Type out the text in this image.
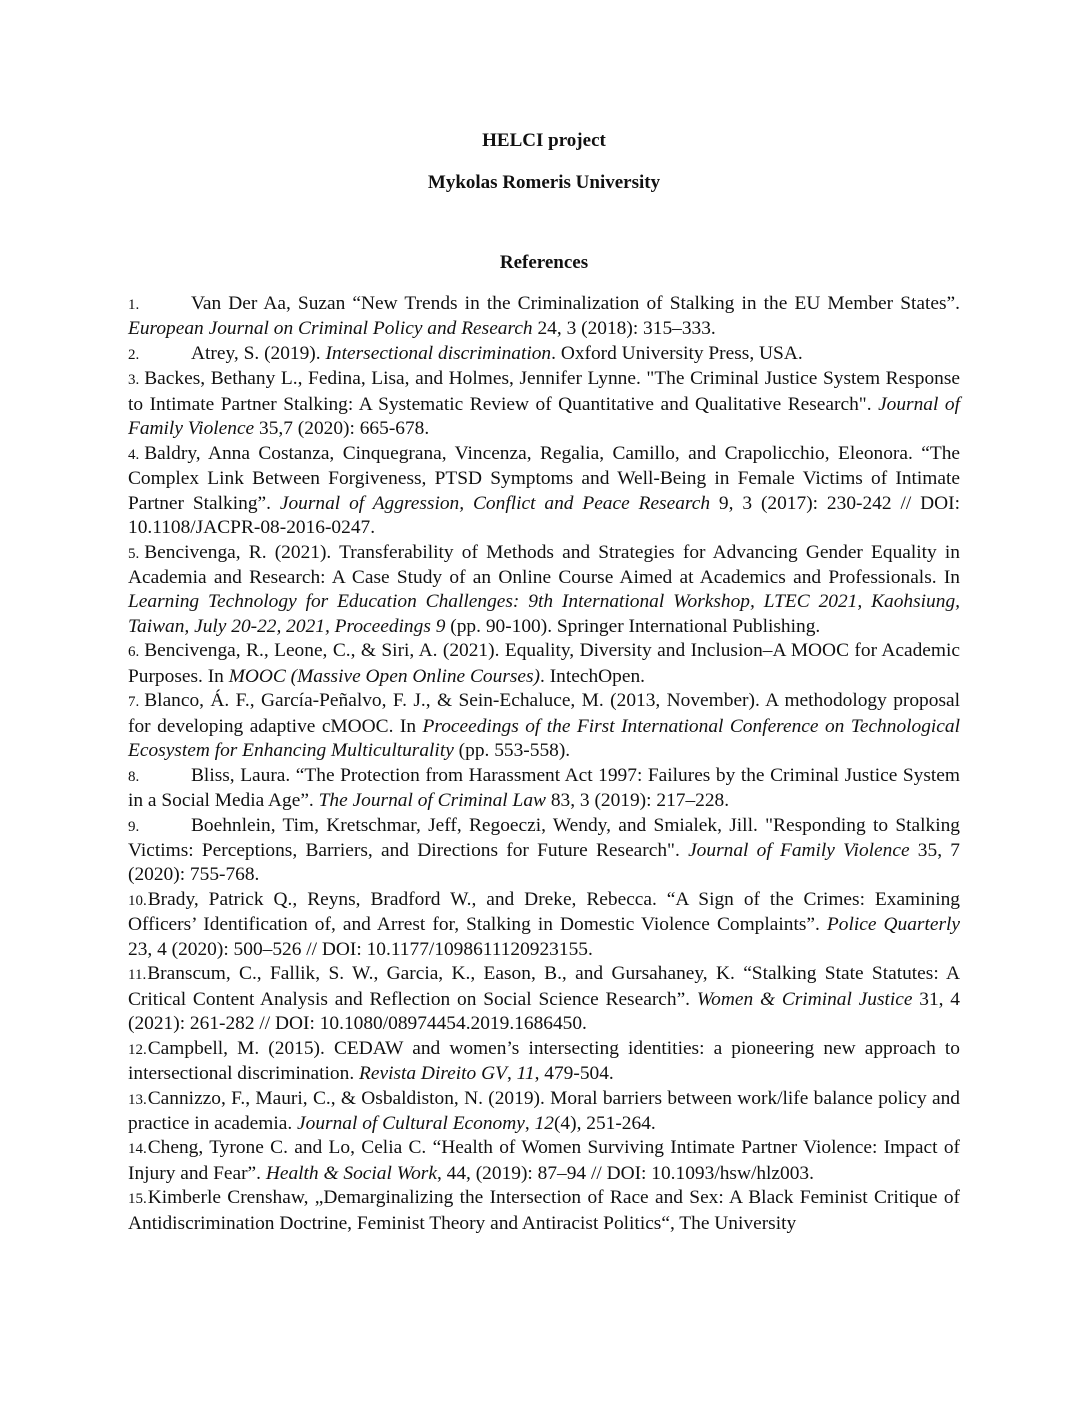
HELCI project
Mykolas Romeris University
References

1.	Van Der Aa, Suzan “New Trends in the Criminalization of Stalking in the EU Member States”. European Journal on Criminal Policy and Research 24, 3 (2018): 315–333.

2.	Atrey, S. (2019). Intersectional discrimination. Oxford University Press, USA.

3. Backes, Bethany L., Fedina, Lisa, and Holmes, Jennifer Lynne. "The Criminal Justice System Response to Intimate Partner Stalking: A Systematic Review of Quantitative and Qualitative Research". Journal of Family Violence 35,7 (2020): 665-678.

4. Baldry, Anna Costanza, Cinquegrana, Vincenza, Regalia, Camillo, and Crapolicchio, Eleonora. “The Complex Link Between Forgiveness, PTSD Symptoms and Well-Being in Female Victims of Intimate Partner Stalking”. Journal of Aggression, Conflict and Peace Research 9, 3 (2017): 230-242 // DOI: 10.1108/JACPR-08-2016-0247.

5. Bencivenga, R. (2021). Transferability of Methods and Strategies for Advancing Gender Equality in Academia and Research: A Case Study of an Online Course Aimed at Academics and Professionals. In Learning Technology for Education Challenges: 9th International Workshop, LTEC 2021, Kaohsiung, Taiwan, July 20-22, 2021, Proceedings 9 (pp. 90-100). Springer International Publishing.

6. Bencivenga, R., Leone, C., & Siri, A. (2021). Equality, Diversity and Inclusion–A MOOC for Academic Purposes. In MOOC (Massive Open Online Courses). IntechOpen.

7. Blanco, Á. F., García-Peñalvo, F. J., & Sein-Echaluce, M. (2013, November). A methodology proposal for developing adaptive cMOOC. In Proceedings of the First International Conference on Technological Ecosystem for Enhancing Multiculturality (pp. 553-558).

8.	Bliss, Laura. “The Protection from Harassment Act 1997: Failures by the Criminal Justice System in a Social Media Age”. The Journal of Criminal Law 83, 3 (2019): 217–228.

9.	Boehnlein, Tim, Kretschmar, Jeff, Regoeczi, Wendy, and Smialek, Jill. "Responding to Stalking Victims: Perceptions, Barriers, and Directions for Future Research". Journal of Family Violence 35, 7 (2020): 755-768.

10.Brady, Patrick Q., Reyns, Bradford W., and Dreke, Rebecca. “A Sign of the Crimes: Examining Officers’ Identification of, and Arrest for, Stalking in Domestic Violence Complaints”. Police Quarterly 23, 4 (2020): 500–526 // DOI: 10.1177/1098611120923155.

11.Branscum, C., Fallik, S. W., Garcia, K., Eason, B., and Gursahaney, K. “Stalking State Statutes: A Critical Content Analysis and Reflection on Social Science Research”. Women & Criminal Justice 31, 4 (2021): 261-282 // DOI: 10.1080/08974454.2019.1686450.

12.Campbell, M. (2015). CEDAW and women’s intersecting identities: a pioneering new approach to intersectional discrimination. Revista Direito GV, 11, 479-504.

13.Cannizzo, F., Mauri, C., & Osbaldiston, N. (2019). Moral barriers between work/life balance policy and practice in academia. Journal of Cultural Economy, 12(4), 251-264.

14.Cheng, Tyrone C. and Lo, Celia C. “Health of Women Surviving Intimate Partner Violence: Impact of Injury and Fear”. Health & Social Work, 44, (2019): 87–94 // DOI: 10.1093/hsw/hlz003.

15.Kimberle Crenshaw, „Demarginalizing the Intersection of Race and Sex: A Black Feminist Critique of Antidiscrimination Doctrine, Feminist Theory and Antiracist Politics“, The University
